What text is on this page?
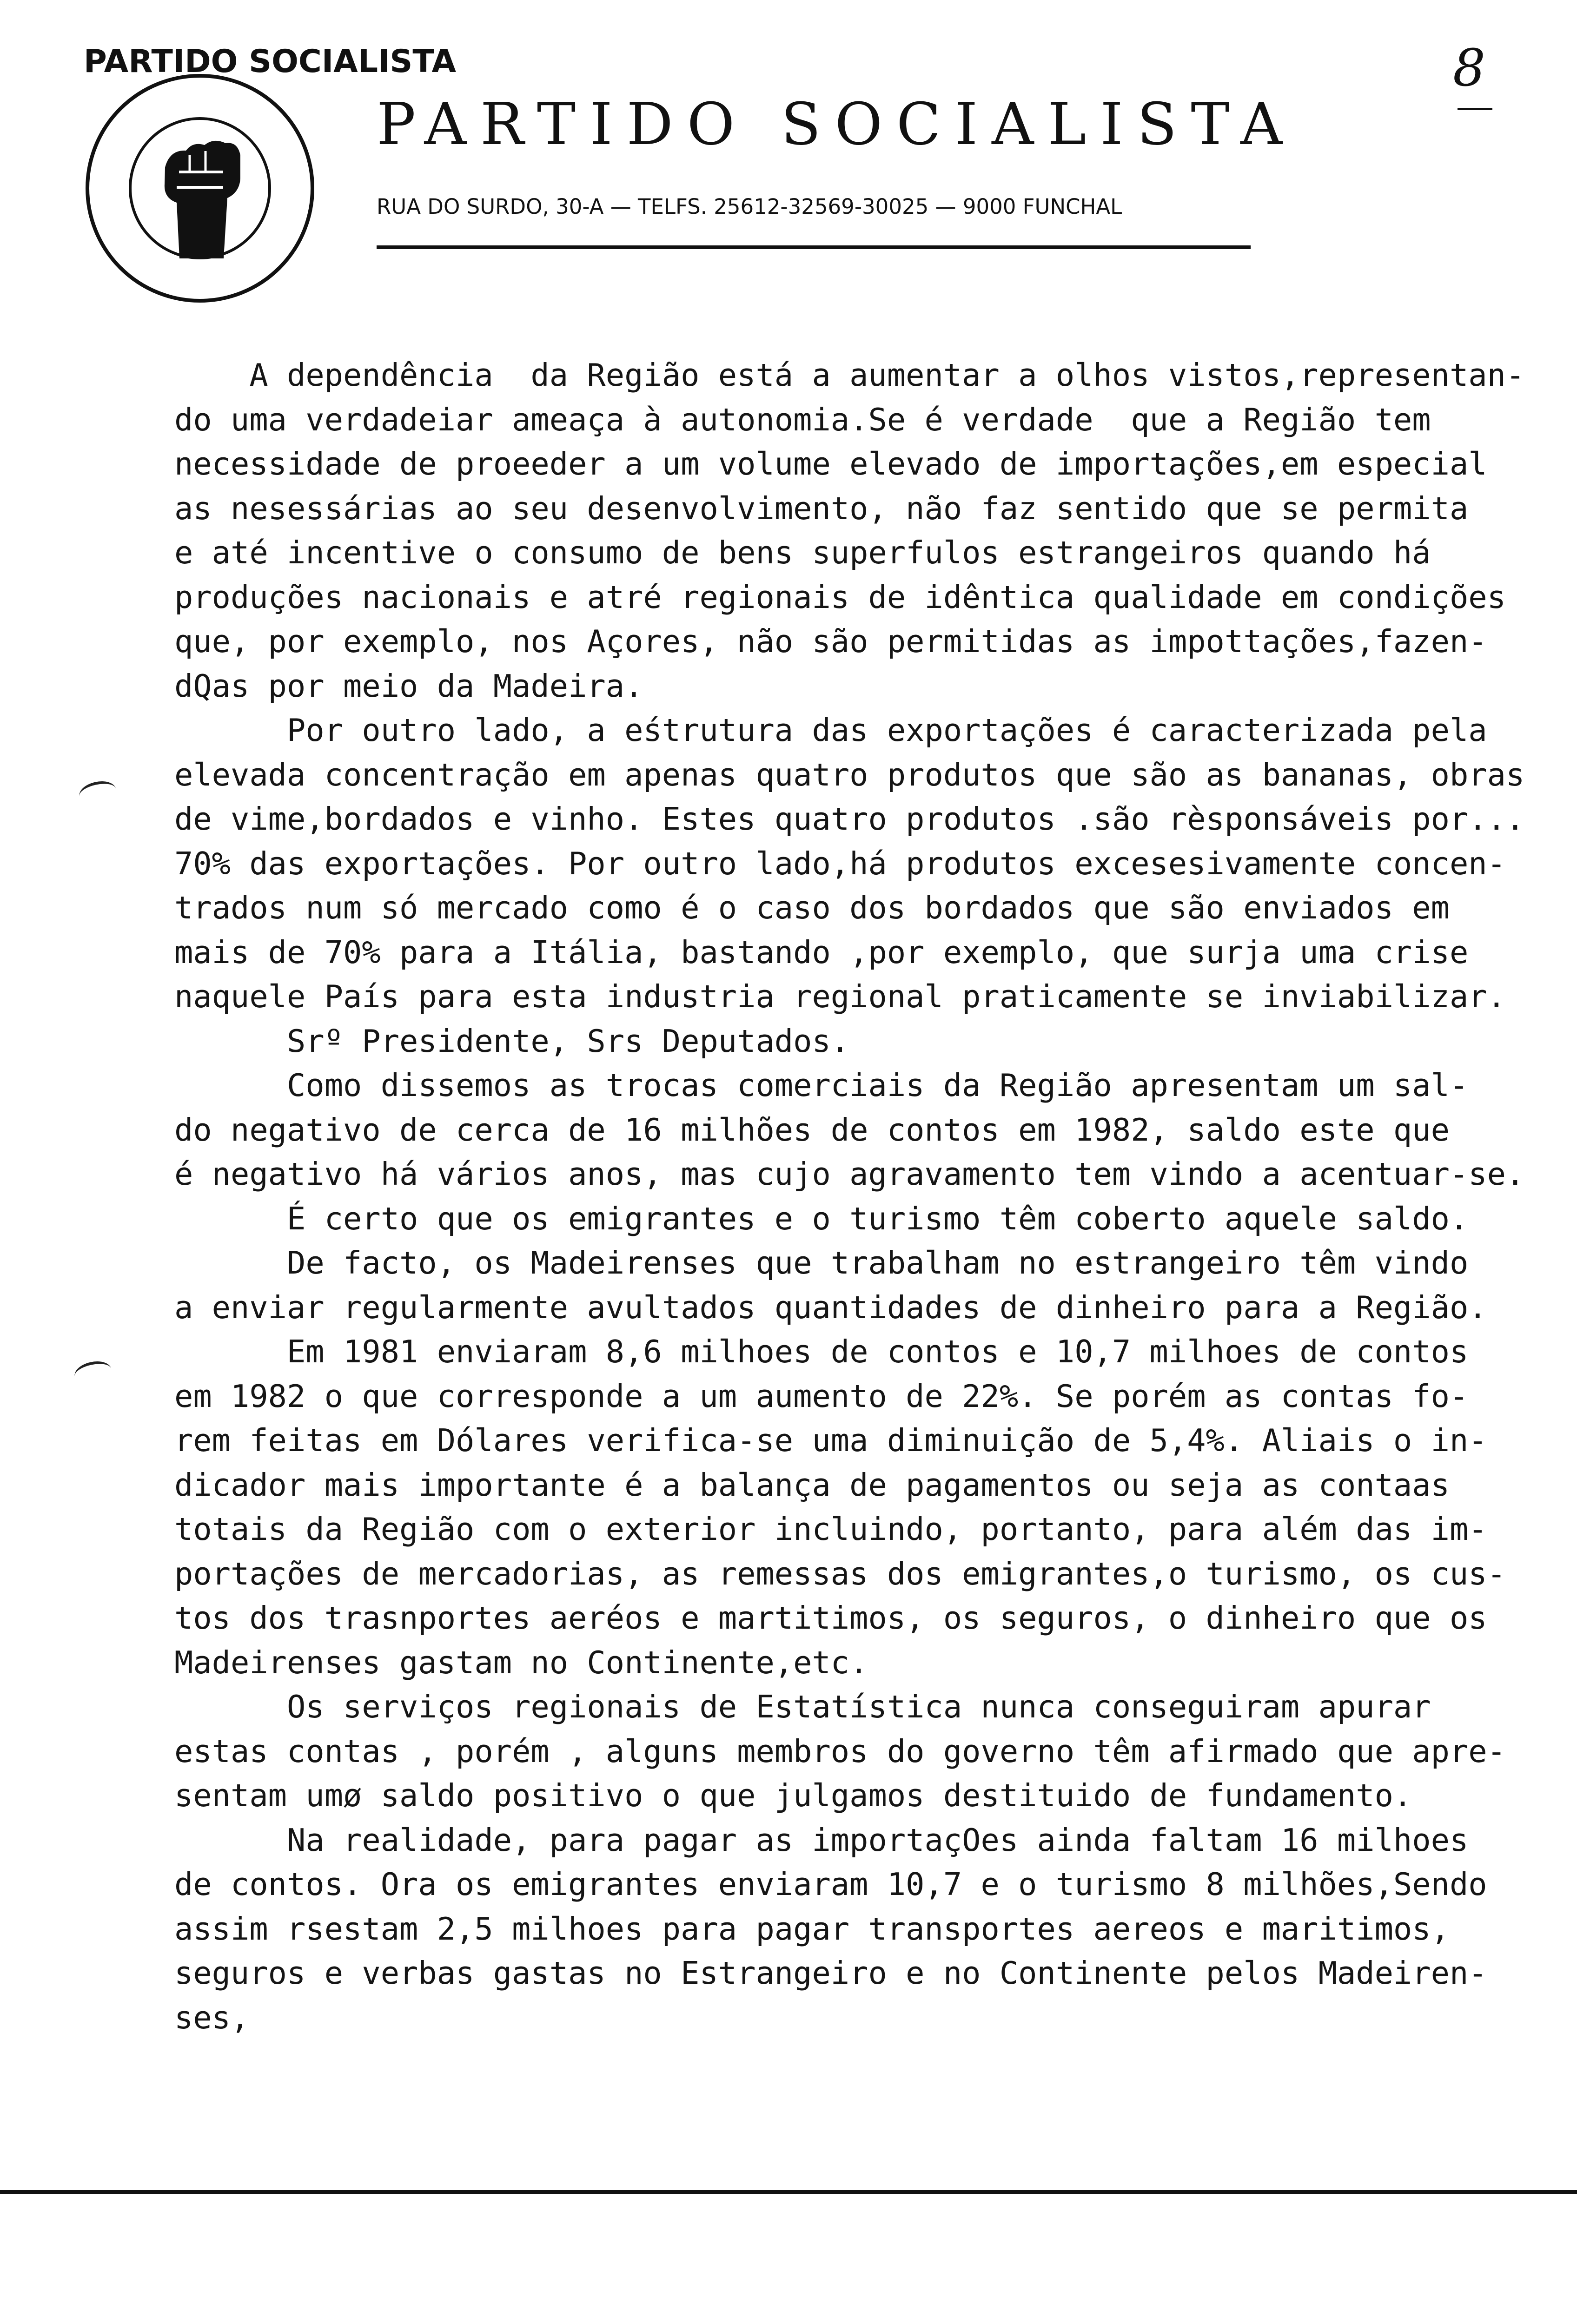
PARTIDO SOCIALISTA
PARTIDO SOCIALISTA
RUA DO SURDO, 30-A — TELFS. 25612-32569-30025 — 9000 FUNCHAL
8
A dependência  da Região está a aumentar a olhos vistos,representan-
do uma verdadeiar ameaça à autonomia.Se é verdade  que a Região tem
necessidade de proeeder a um volume elevado de importações,em especial
as nesessárias ao seu desenvolvimento, não faz sentido que se permita
e até incentive o consumo de bens superfulos estrangeiros quando há
produções nacionais e atré regionais de idêntica qualidade em condições
que, por exemplo, nos Açores, não são permitidas as impottações,fazen-
dQas por meio da Madeira.
Por outro lado, a eśtrutura das exportações é caracterizada pela
elevada concentração em apenas quatro produtos que são as bananas, obras
de vime,bordados e vinho. Estes quatro produtos .são rèsponsáveis por...
70% das exportações. Por outro lado,há produtos excesesivamente concen-
trados num só mercado como é o caso dos bordados que são enviados em
mais de 70% para a Itália, bastando ,por exemplo, que surja uma crise
naquele País para esta industria regional praticamente se inviabilizar.
Srº Presidente, Srs Deputados.
Como dissemos as trocas comerciais da Região apresentam um sal-
do negativo de cerca de 16 milhões de contos em 1982, saldo este que
é negativo há vários anos, mas cujo agravamento tem vindo a acentuar-se.
É certo que os emigrantes e o turismo têm coberto aquele saldo.
De facto, os Madeirenses que trabalham no estrangeiro têm vindo
a enviar regularmente avultados quantidades de dinheiro para a Região.
Em 1981 enviaram 8,6 milhoes de contos e 10,7 milhoes de contos
em 1982 o que corresponde a um aumento de 22%. Se porém as contas fo-
rem feitas em Dólares verifica-se uma diminuição de 5,4%. Aliais o in-
dicador mais importante é a balança de pagamentos ou seja as contaas
totais da Região com o exterior incluindo, portanto, para além das im-
portações de mercadorias, as remessas dos emigrantes,o turismo, os cus-
tos dos trasnportes aeréos e martitimos, os seguros, o dinheiro que os
Madeirenses gastam no Continente,etc.
Os serviços regionais de Estatística nunca conseguiram apurar
estas contas , porém , alguns membros do governo têm afirmado que apre-
sentam umø saldo positivo o que julgamos destituido de fundamento.
Na realidade, para pagar as importaçOes ainda faltam 16 milhoes
de contos. Ora os emigrantes enviaram 10,7 e o turismo 8 milhões,Sendo
assim rsestam 2,5 milhoes para pagar transportes aereos e maritimos,
seguros e verbas gastas no Estrangeiro e no Continente pelos Madeiren-
ses,
